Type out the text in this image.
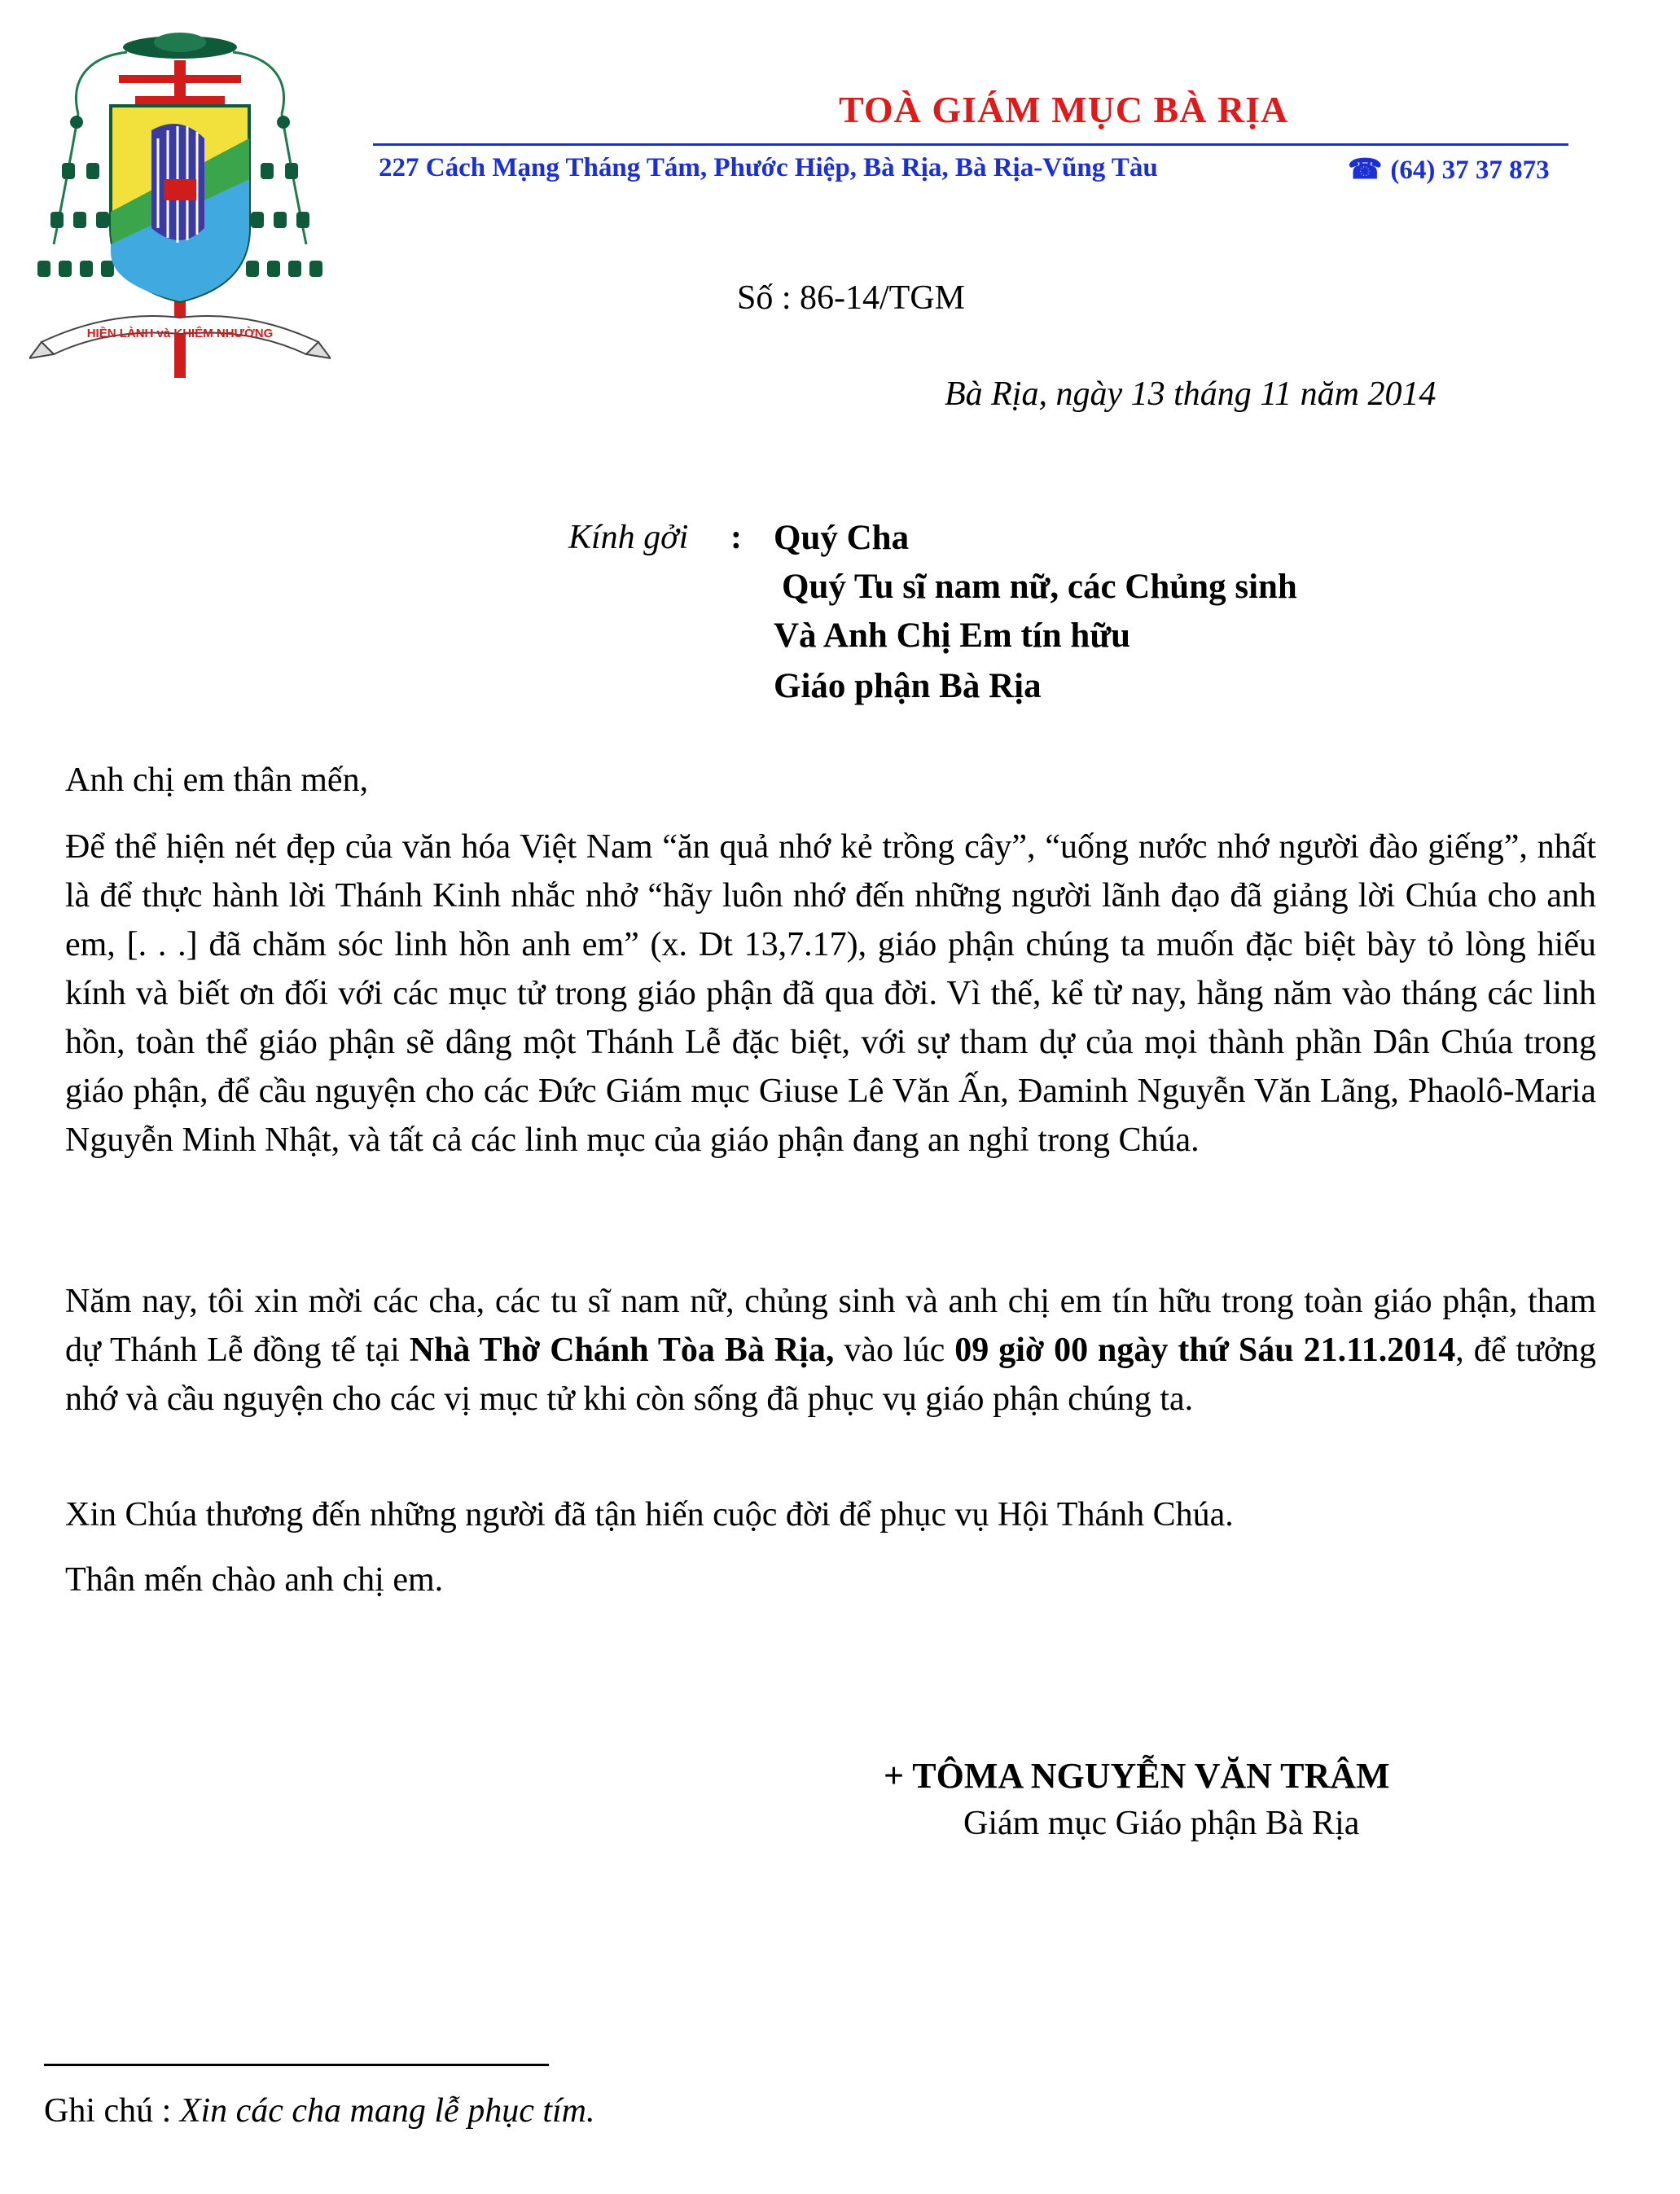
HIỀN LÀNH và KHIÊM NHƯỜNG
TOÀ GIÁM MỤC BÀ RỊA
227 Cách Mạng Tháng Tám, Phước Hiệp, Bà Rịa, Bà Rịa-Vũng Tàu	☎ (64) 37 37 873
Số : 86-14/TGM
Bà Rịa, ngày 13 tháng 11 năm 2014
Kính gởi : Quý Cha
Quý Tu sĩ nam nữ, các Chủng sinh
Và Anh Chị Em tín hữu
Giáo phận Bà Rịa
Anh chị em thân mến,
Để thể hiện nét đẹp của văn hóa Việt Nam “ăn quả nhớ kẻ trồng cây”, “uống nước nhớ người đào giếng”, nhất là để thực hành lời Thánh Kinh nhắc nhở “hãy luôn nhớ đến những người lãnh đạo đã giảng lời Chúa cho anh em, [. . .] đã chăm sóc linh hồn anh em” (x. Dt 13,7.17), giáo phận chúng ta muốn đặc biệt bày tỏ lòng hiếu kính và biết ơn đối với các mục tử trong giáo phận đã qua đời. Vì thế, kể từ nay, hằng năm vào tháng các linh hồn, toàn thể giáo phận sẽ dâng một Thánh Lễ đặc biệt, với sự tham dự của mọi thành phần Dân Chúa trong giáo phận, để cầu nguyện cho các Đức Giám mục Giuse Lê Văn Ấn, Đaminh Nguyễn Văn Lãng, Phaolô-Maria Nguyễn Minh Nhật, và tất cả các linh mục của giáo phận đang an nghỉ trong Chúa.
Năm nay, tôi xin mời các cha, các tu sĩ nam nữ, chủng sinh và anh chị em tín hữu trong toàn giáo phận, tham dự Thánh Lễ đồng tế tại Nhà Thờ Chánh Tòa Bà Rịa, vào lúc 09 giờ 00 ngày thứ Sáu 21.11.2014, để tưởng nhớ và cầu nguyện cho các vị mục tử khi còn sống đã phục vụ giáo phận chúng ta.
Xin Chúa thương đến những người đã tận hiến cuộc đời để phục vụ Hội Thánh Chúa.
Thân mến chào anh chị em.
+ TÔMA NGUYỄN VĂN TRÂM
Giám mục Giáo phận Bà Rịa
Ghi chú : Xin các cha mang lễ phục tím.
